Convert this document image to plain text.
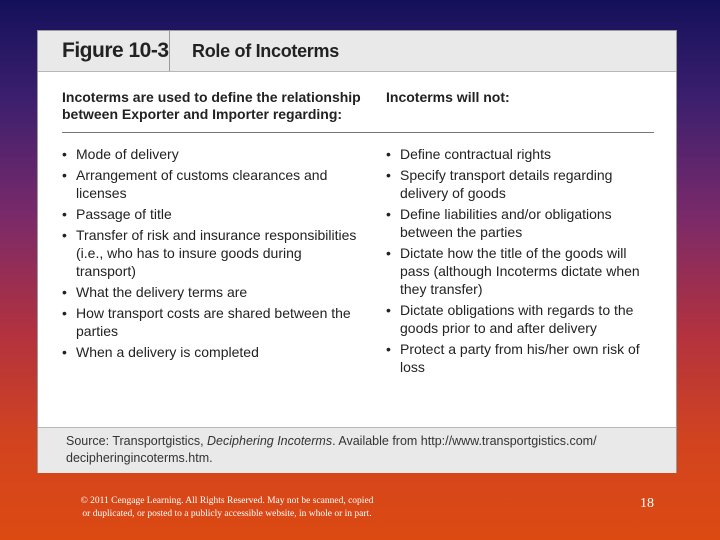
Figure 10-3 Role of Incoterms
Incoterms are used to define the relationship
between Exporter and Importer regarding:
Incoterms will not:
• Mode of delivery
• Arrangement of customs clearances and licenses
• Passage of title
• Transfer of risk and insurance responsibilities (i.e., who has to insure goods during transport)
• What the delivery terms are
• How transport costs are shared between the parties
• When a delivery is completed
• Define contractual rights
• Specify transport details regarding delivery of goods
• Define liabilities and/or obligations between the parties
• Dictate how the title of the goods will pass (although Incoterms dictate when they transfer)
• Dictate obligations with regards to the goods prior to and after delivery
• Protect a party from his/her own risk of loss
Source: Transportgistics, Deciphering Incoterms. Available from http://www.transportgistics.com/
decipheringincoterms.htm.
© 2011 Cengage Learning. All Rights Reserved. May not be scanned, copied
or duplicated, or posted to a publicly accessible website, in whole or in part.
18
